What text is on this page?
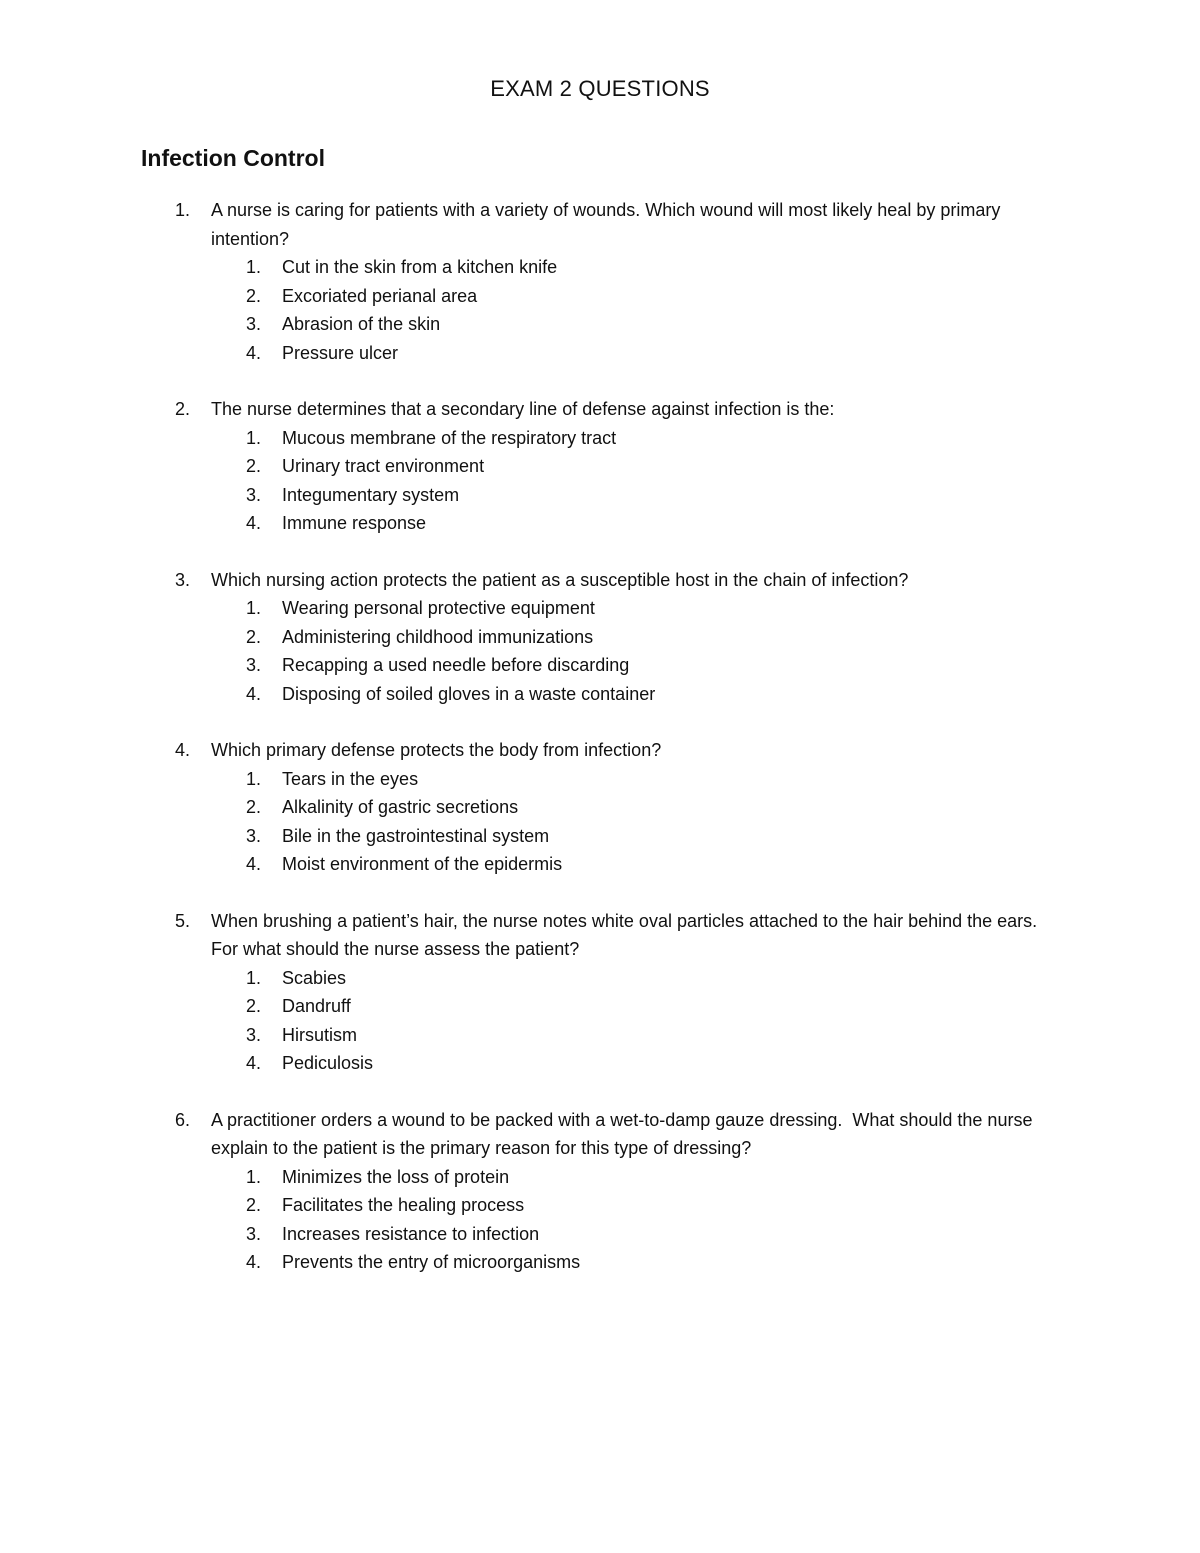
EXAM 2 QUESTIONS
Infection Control
1. A nurse is caring for patients with a variety of wounds. Which wound will most likely heal by primary intention?
1. Cut in the skin from a kitchen knife
2. Excoriated perianal area
3. Abrasion of the skin
4. Pressure ulcer
2. The nurse determines that a secondary line of defense against infection is the:
1. Mucous membrane of the respiratory tract
2. Urinary tract environment
3. Integumentary system
4. Immune response
3. Which nursing action protects the patient as a susceptible host in the chain of infection?
1. Wearing personal protective equipment
2. Administering childhood immunizations
3. Recapping a used needle before discarding
4. Disposing of soiled gloves in a waste container
4. Which primary defense protects the body from infection?
1. Tears in the eyes
2. Alkalinity of gastric secretions
3. Bile in the gastrointestinal system
4. Moist environment of the epidermis
5. When brushing a patient’s hair, the nurse notes white oval particles attached to the hair behind the ears. For what should the nurse assess the patient?
1. Scabies
2. Dandruff
3. Hirsutism
4. Pediculosis
6. A practitioner orders a wound to be packed with a wet-to-damp gauze dressing.  What should the nurse explain to the patient is the primary reason for this type of dressing?
1. Minimizes the loss of protein
2. Facilitates the healing process
3. Increases resistance to infection
4. Prevents the entry of microorganisms
